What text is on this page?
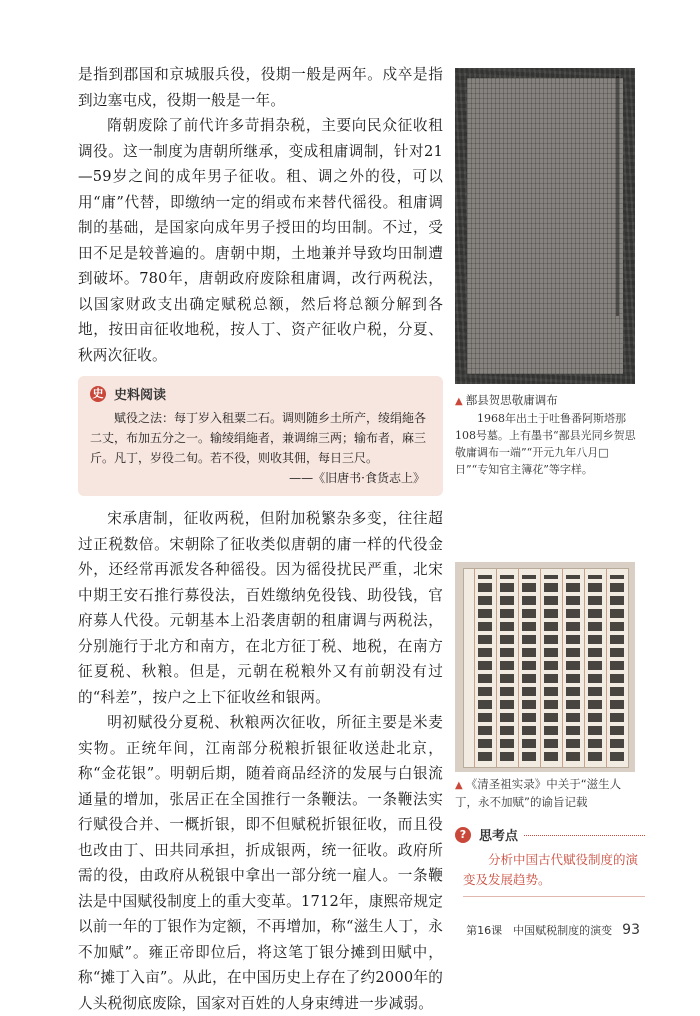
是指到郡国和京城服兵役，役期一般是两年。戍卒是指到边塞屯戍，役期一般是一年。

隋朝废除了前代许多苛捐杂税，主要向民众征收租调役。这一制度为唐朝所继承，变成租庸调制，针对21—59岁之间的成年男子征收。租、调之外的役，可以用“庸”代替，即缴纳一定的绢或布来替代徭役。租庸调制的基础，是国家向成年男子授田的均田制。不过，受田不足是较普遍的。唐朝中期，土地兼并导致均田制遭到破坏。780年，唐朝政府废除租庸调，改行两税法，以国家财政支出确定赋税总额，然后将总额分解到各地，按田亩征收地税，按人丁、资产征收户税，分夏、秋两次征收。

史 史料阅读

赋役之法：每丁岁入租粟二石。调则随乡土所产，绫绢絁各二丈，布加五分之一。输绫绢絁者，兼调绵三两；输布者，麻三斤。凡丁，岁役二旬。若不役，则收其佣，每日三尺。

——《旧唐书·食货志上》

宋承唐制，征收两税，但附加税繁杂多变，往往超过正税数倍。宋朝除了征收类似唐朝的庸一样的代役金外，还经常再派发各种徭役。因为徭役扰民严重，北宋中期王安石推行募役法，百姓缴纳免役钱、助役钱，官府募人代役。元朝基本上沿袭唐朝的租庸调与两税法，分别施行于北方和南方，在北方征丁税、地税，在南方征夏税、秋粮。但是，元朝在税粮外又有前朝没有过的“科差”，按户之上下征收丝和银两。

明初赋役分夏税、秋粮两次征收，所征主要是米麦实物。正统年间，江南部分税粮折银征收送赴北京，称“金花银”。明朝后期，随着商品经济的发展与白银流通量的增加，张居正在全国推行一条鞭法。一条鞭法实行赋役合并、一概折银，即不但赋税折银征收，而且役也改由丁、田共同承担，折成银两，统一征收。政府所需的役，由政府从税银中拿出一部分统一雇人。一条鞭法是中国赋役制度上的重大变革。1712年，康熙帝规定以前一年的丁银作为定额，不再增加，称“滋生人丁，永不加赋”。雍正帝即位后，将这笔丁银分摊到田赋中，称“摊丁入亩”。从此，在中国历史上存在了约2000年的人头税彻底废除，国家对百姓的人身束缚进一步减弱。

▲ 鄯县贺思敬庸调布

1968年出土于吐鲁番阿斯塔那108号墓。上有墨书“鄯县光同乡贺思敬庸调布一端”“开元九年八月□日”“专知官主簿花”等字样。

▲ 《清圣祖实录》中关于“滋生人丁，永不加赋”的谕旨记载

? 思考点

分析中国古代赋役制度的演变及发展趋势。

第16课　中国赋税制度的演变 93
